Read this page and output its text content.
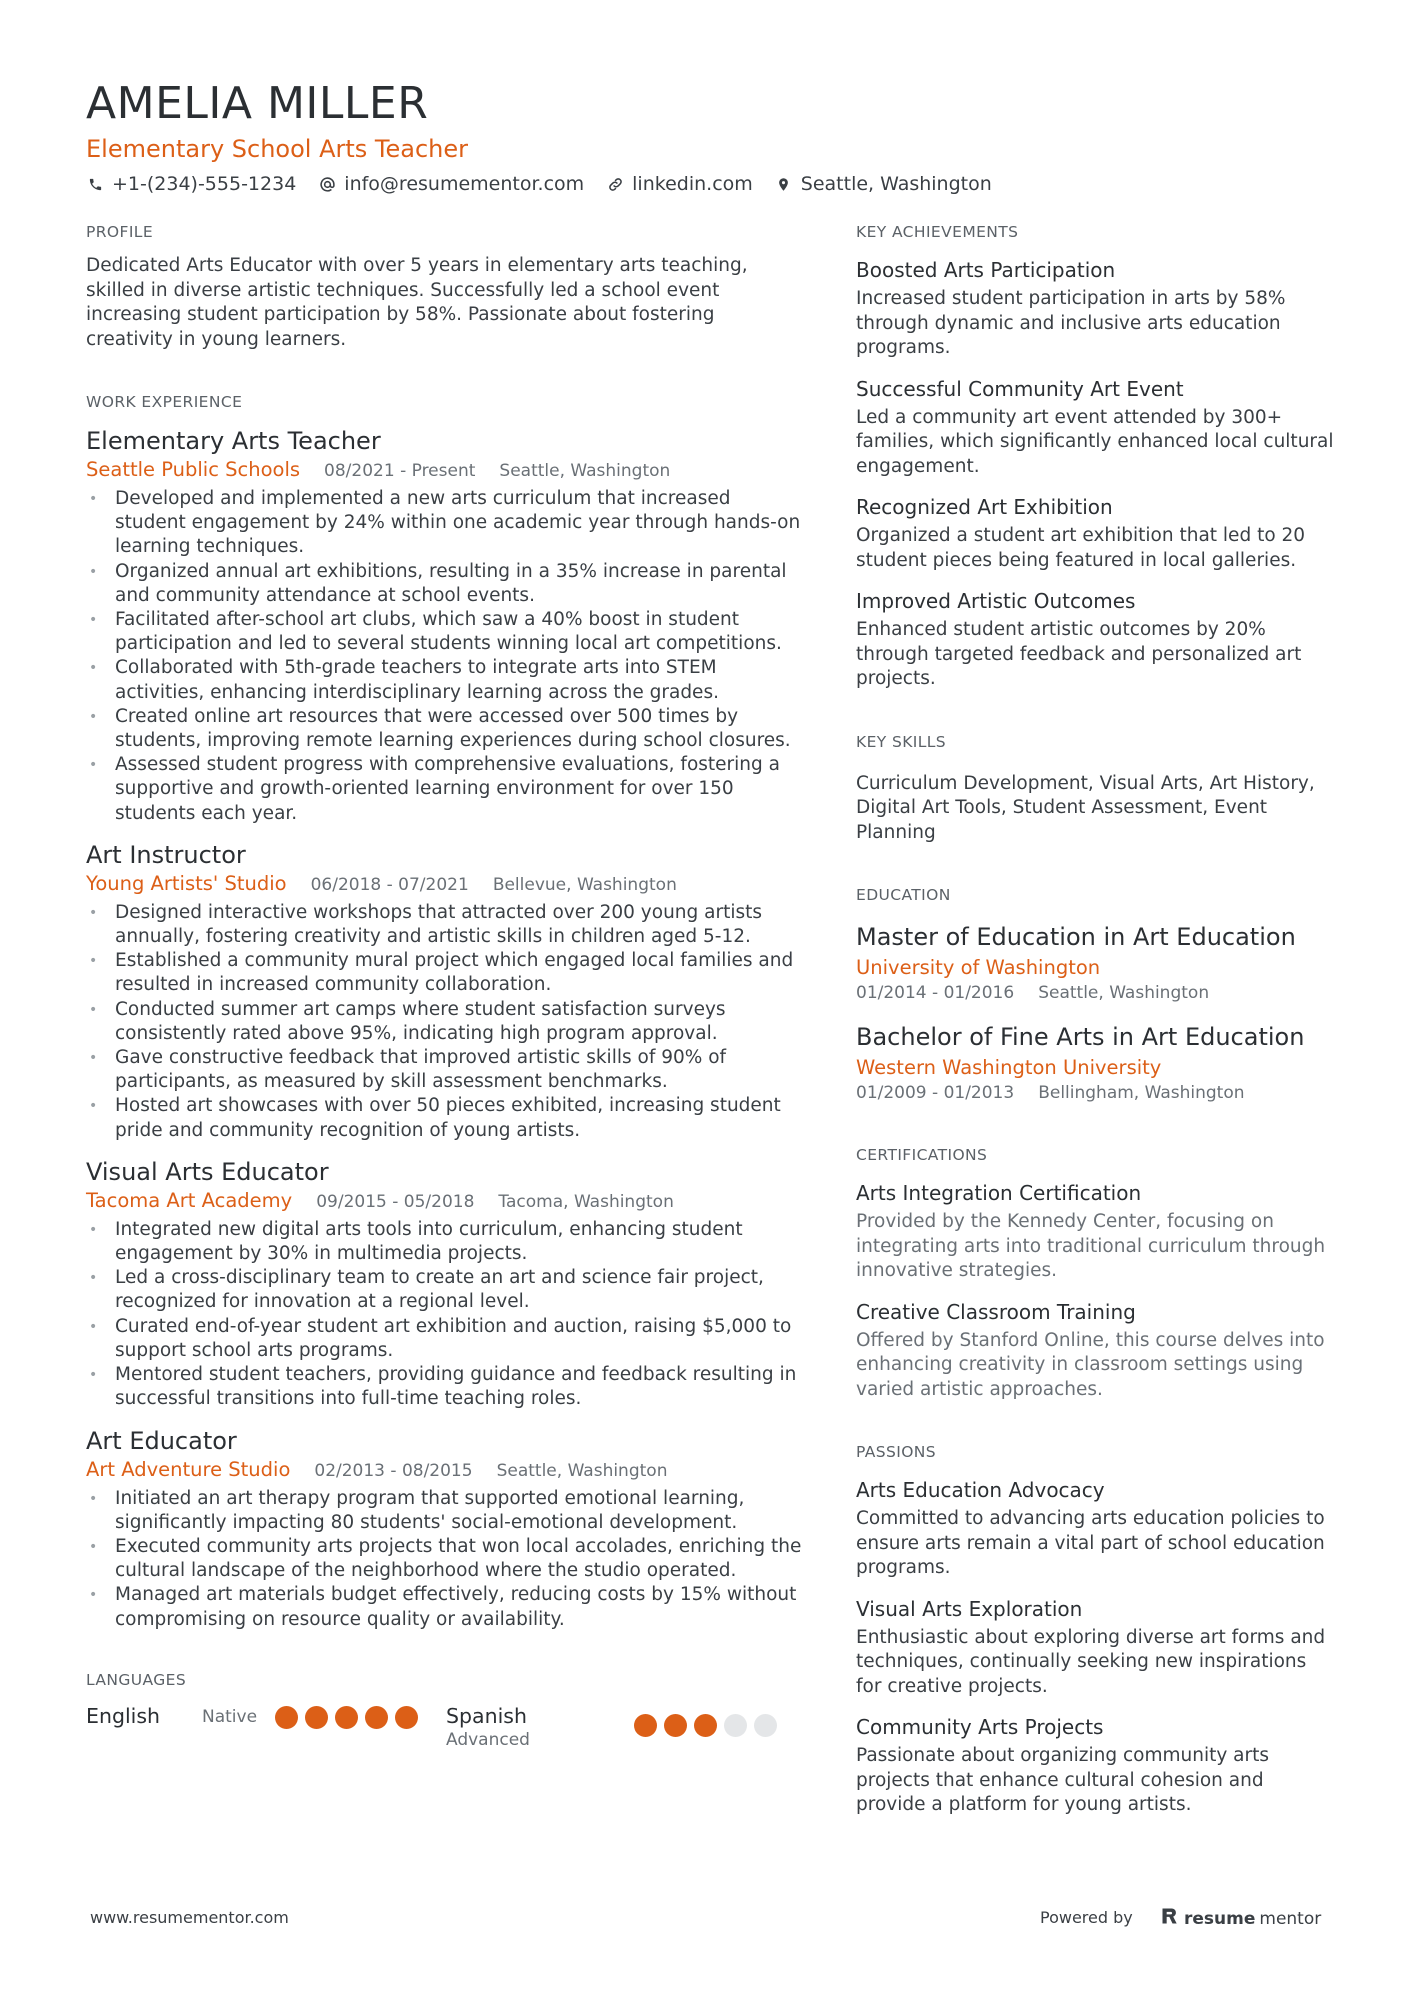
AMELIA MILLER
Elementary School Arts Teacher
+1-(234)-555-1234	info@resumementor.com	linkedin.com	Seattle, Washington
PROFILE
Dedicated Arts Educator with over 5 years in elementary arts teaching, skilled in diverse artistic techniques. Successfully led a school event increasing student participation by 58%. Passionate about fostering creativity in young learners.
WORK EXPERIENCE
Elementary Arts Teacher
Seattle Public Schools 08/2021 - Present Seattle, Washington
• Developed and implemented a new arts curriculum that increased student engagement by 24% within one academic year through hands-on learning techniques.
• Organized annual art exhibitions, resulting in a 35% increase in parental and community attendance at school events.
• Facilitated after-school art clubs, which saw a 40% boost in student participation and led to several students winning local art competitions.
• Collaborated with 5th-grade teachers to integrate arts into STEM activities, enhancing interdisciplinary learning across the grades.
• Created online art resources that were accessed over 500 times by students, improving remote learning experiences during school closures.
• Assessed student progress with comprehensive evaluations, fostering a supportive and growth-oriented learning environment for over 150 students each year.
Art Instructor
Young Artists' Studio 06/2018 - 07/2021 Bellevue, Washington
• Designed interactive workshops that attracted over 200 young artists annually, fostering creativity and artistic skills in children aged 5-12.
• Established a community mural project which engaged local families and resulted in increased community collaboration.
• Conducted summer art camps where student satisfaction surveys consistently rated above 95%, indicating high program approval.
• Gave constructive feedback that improved artistic skills of 90% of participants, as measured by skill assessment benchmarks.
• Hosted art showcases with over 50 pieces exhibited, increasing student pride and community recognition of young artists.
Visual Arts Educator
Tacoma Art Academy 09/2015 - 05/2018 Tacoma, Washington
• Integrated new digital arts tools into curriculum, enhancing student engagement by 30% in multimedia projects.
• Led a cross-disciplinary team to create an art and science fair project, recognized for innovation at a regional level.
• Curated end-of-year student art exhibition and auction, raising $5,000 to support school arts programs.
• Mentored student teachers, providing guidance and feedback resulting in successful transitions into full-time teaching roles.
Art Educator
Art Adventure Studio 02/2013 - 08/2015 Seattle, Washington
• Initiated an art therapy program that supported emotional learning, significantly impacting 80 students' social-emotional development.
• Executed community arts projects that won local accolades, enriching the cultural landscape of the neighborhood where the studio operated.
• Managed art materials budget effectively, reducing costs by 15% without compromising on resource quality or availability.
LANGUAGES
English Native	Spanish
Advanced
KEY ACHIEVEMENTS
Boosted Arts Participation
Increased student participation in arts by 58% through dynamic and inclusive arts education programs.
Successful Community Art Event
Led a community art event attended by 300+ families, which significantly enhanced local cultural engagement.
Recognized Art Exhibition
Organized a student art exhibition that led to 20 student pieces being featured in local galleries.
Improved Artistic Outcomes
Enhanced student artistic outcomes by 20% through targeted feedback and personalized art projects.
KEY SKILLS
Curriculum Development, Visual Arts, Art History, Digital Art Tools, Student Assessment, Event Planning
EDUCATION
Master of Education in Art Education
University of Washington
01/2014 - 01/2016 Seattle, Washington
Bachelor of Fine Arts in Art Education
Western Washington University
01/2009 - 01/2013 Bellingham, Washington
CERTIFICATIONS
Arts Integration Certification
Provided by the Kennedy Center, focusing on integrating arts into traditional curriculum through innovative strategies.
Creative Classroom Training
Offered by Stanford Online, this course delves into enhancing creativity in classroom settings using varied artistic approaches.
PASSIONS
Arts Education Advocacy
Committed to advancing arts education policies to ensure arts remain a vital part of school education programs.
Visual Arts Exploration
Enthusiastic about exploring diverse art forms and techniques, continually seeking new inspirations for creative projects.
Community Arts Projects
Passionate about organizing community arts projects that enhance cultural cohesion and provide a platform for young artists.
www.resumementor.com	Powered by	resume mentor
